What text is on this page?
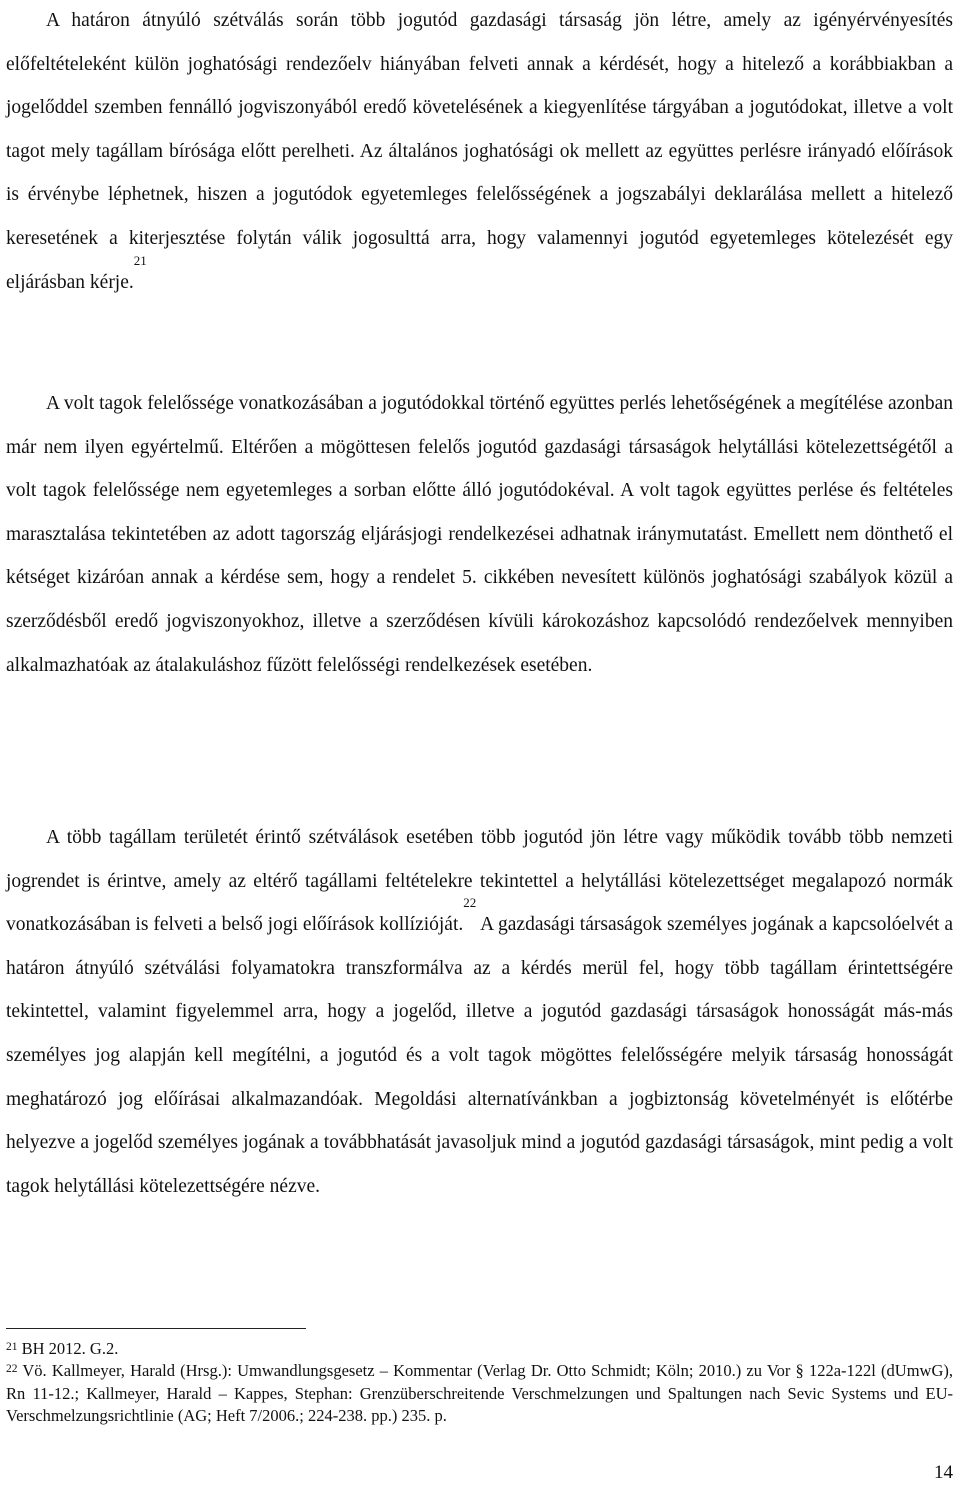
A határon átnyúló szétválás során több jogutód gazdasági társaság jön létre, amely az igényérvényesítés előfeltételeként külön joghatósági rendezőelv hiányában felveti annak a kérdését, hogy a hitelező a korábbiakban a jogelőddel szemben fennálló jogviszonyából eredő követelésének a kiegyenlítése tárgyában a jogutódokat, illetve a volt tagot mely tagállam bírósága előtt perelheti. Az általános joghatósági ok mellett az együttes perlésre irányadó előírások is érvénybe léphetnek, hiszen a jogutódok egyetemleges felelősségének a jogszabályi deklarálása mellett a hitelező keresetének a kiterjesztése folytán válik jogosulttá arra, hogy valamennyi jogutód egyetemleges kötelezését egy eljárásban kérje.$^{21}$

A volt tagok felelőssége vonatkozásában a jogutódokkal történő együttes perlés lehetőségének a megítélése azonban már nem ilyen egyértelmű. Eltérően a mögöttesen felelős jogutód gazdasági társaságok helytállási kötelezettségétől a volt tagok felelőssége nem egyetemleges a sorban előtte álló jogutódokéval. A volt tagok együttes perlése és feltételes marasztalása tekintetében az adott tagország eljárásjogi rendelkezései adhatnak iránymutatást. Emellett nem dönthető el kétséget kizáróan annak a kérdése sem, hogy a rendelet 5. cikkében nevesített különös joghatósági szabályok közül a szerződésből eredő jogviszonyokhoz, illetve a szerződésen kívüli károkozáshoz kapcsolódó rendezőelvek mennyiben alkalmazhatóak az átalakuláshoz fűzött felelősségi rendelkezések esetében.

A több tagállam területét érintő szétválások esetében több jogutód jön létre vagy működik tovább több nemzeti jogrendet is érintve, amely az eltérő tagállami feltételekre tekintettel a helytállási kötelezettséget megalapozó normák vonatkozásában is felveti a belső jogi előírások kollízióját.$^{22}$ A gazdasági társaságok személyes jogának a kapcsolóelvét a határon átnyúló szétválási folyamatokra transzformálva az a kérdés merül fel, hogy több tagállam érintettségére tekintettel, valamint figyelemmel arra, hogy a jogelőd, illetve a jogutód gazdasági társaságok honosságát más-más személyes jog alapján kell megítélni, a jogutód és a volt tagok mögöttes felelősségére melyik társaság honosságát meghatározó jog előírásai alkalmazandóak. Megoldási alternatívánkban a jogbiztonság követelményét is előtérbe helyezve a jogelőd személyes jogának a továbbhatását javasoljuk mind a jogutód gazdasági társaságok, mint pedig a volt tagok helytállási kötelezettségére nézve.

$^{21}$ BH 2012. G.2.

$^{22}$ Vö. Kallmeyer, Harald (Hrsg.): Umwandlungsgesetz – Kommentar (Verlag Dr. Otto Schmidt; Köln; 2010.) zu Vor § 122a-122l (dUmwG), Rn 11-12.; Kallmeyer, Harald – Kappes, Stephan: Grenzüberschreitende Verschmelzungen und Spaltungen nach Sevic Systems und EU-Verschmelzungsrichtlinie (AG; Heft 7/2006.; 224-238. pp.) 235. p.

14
